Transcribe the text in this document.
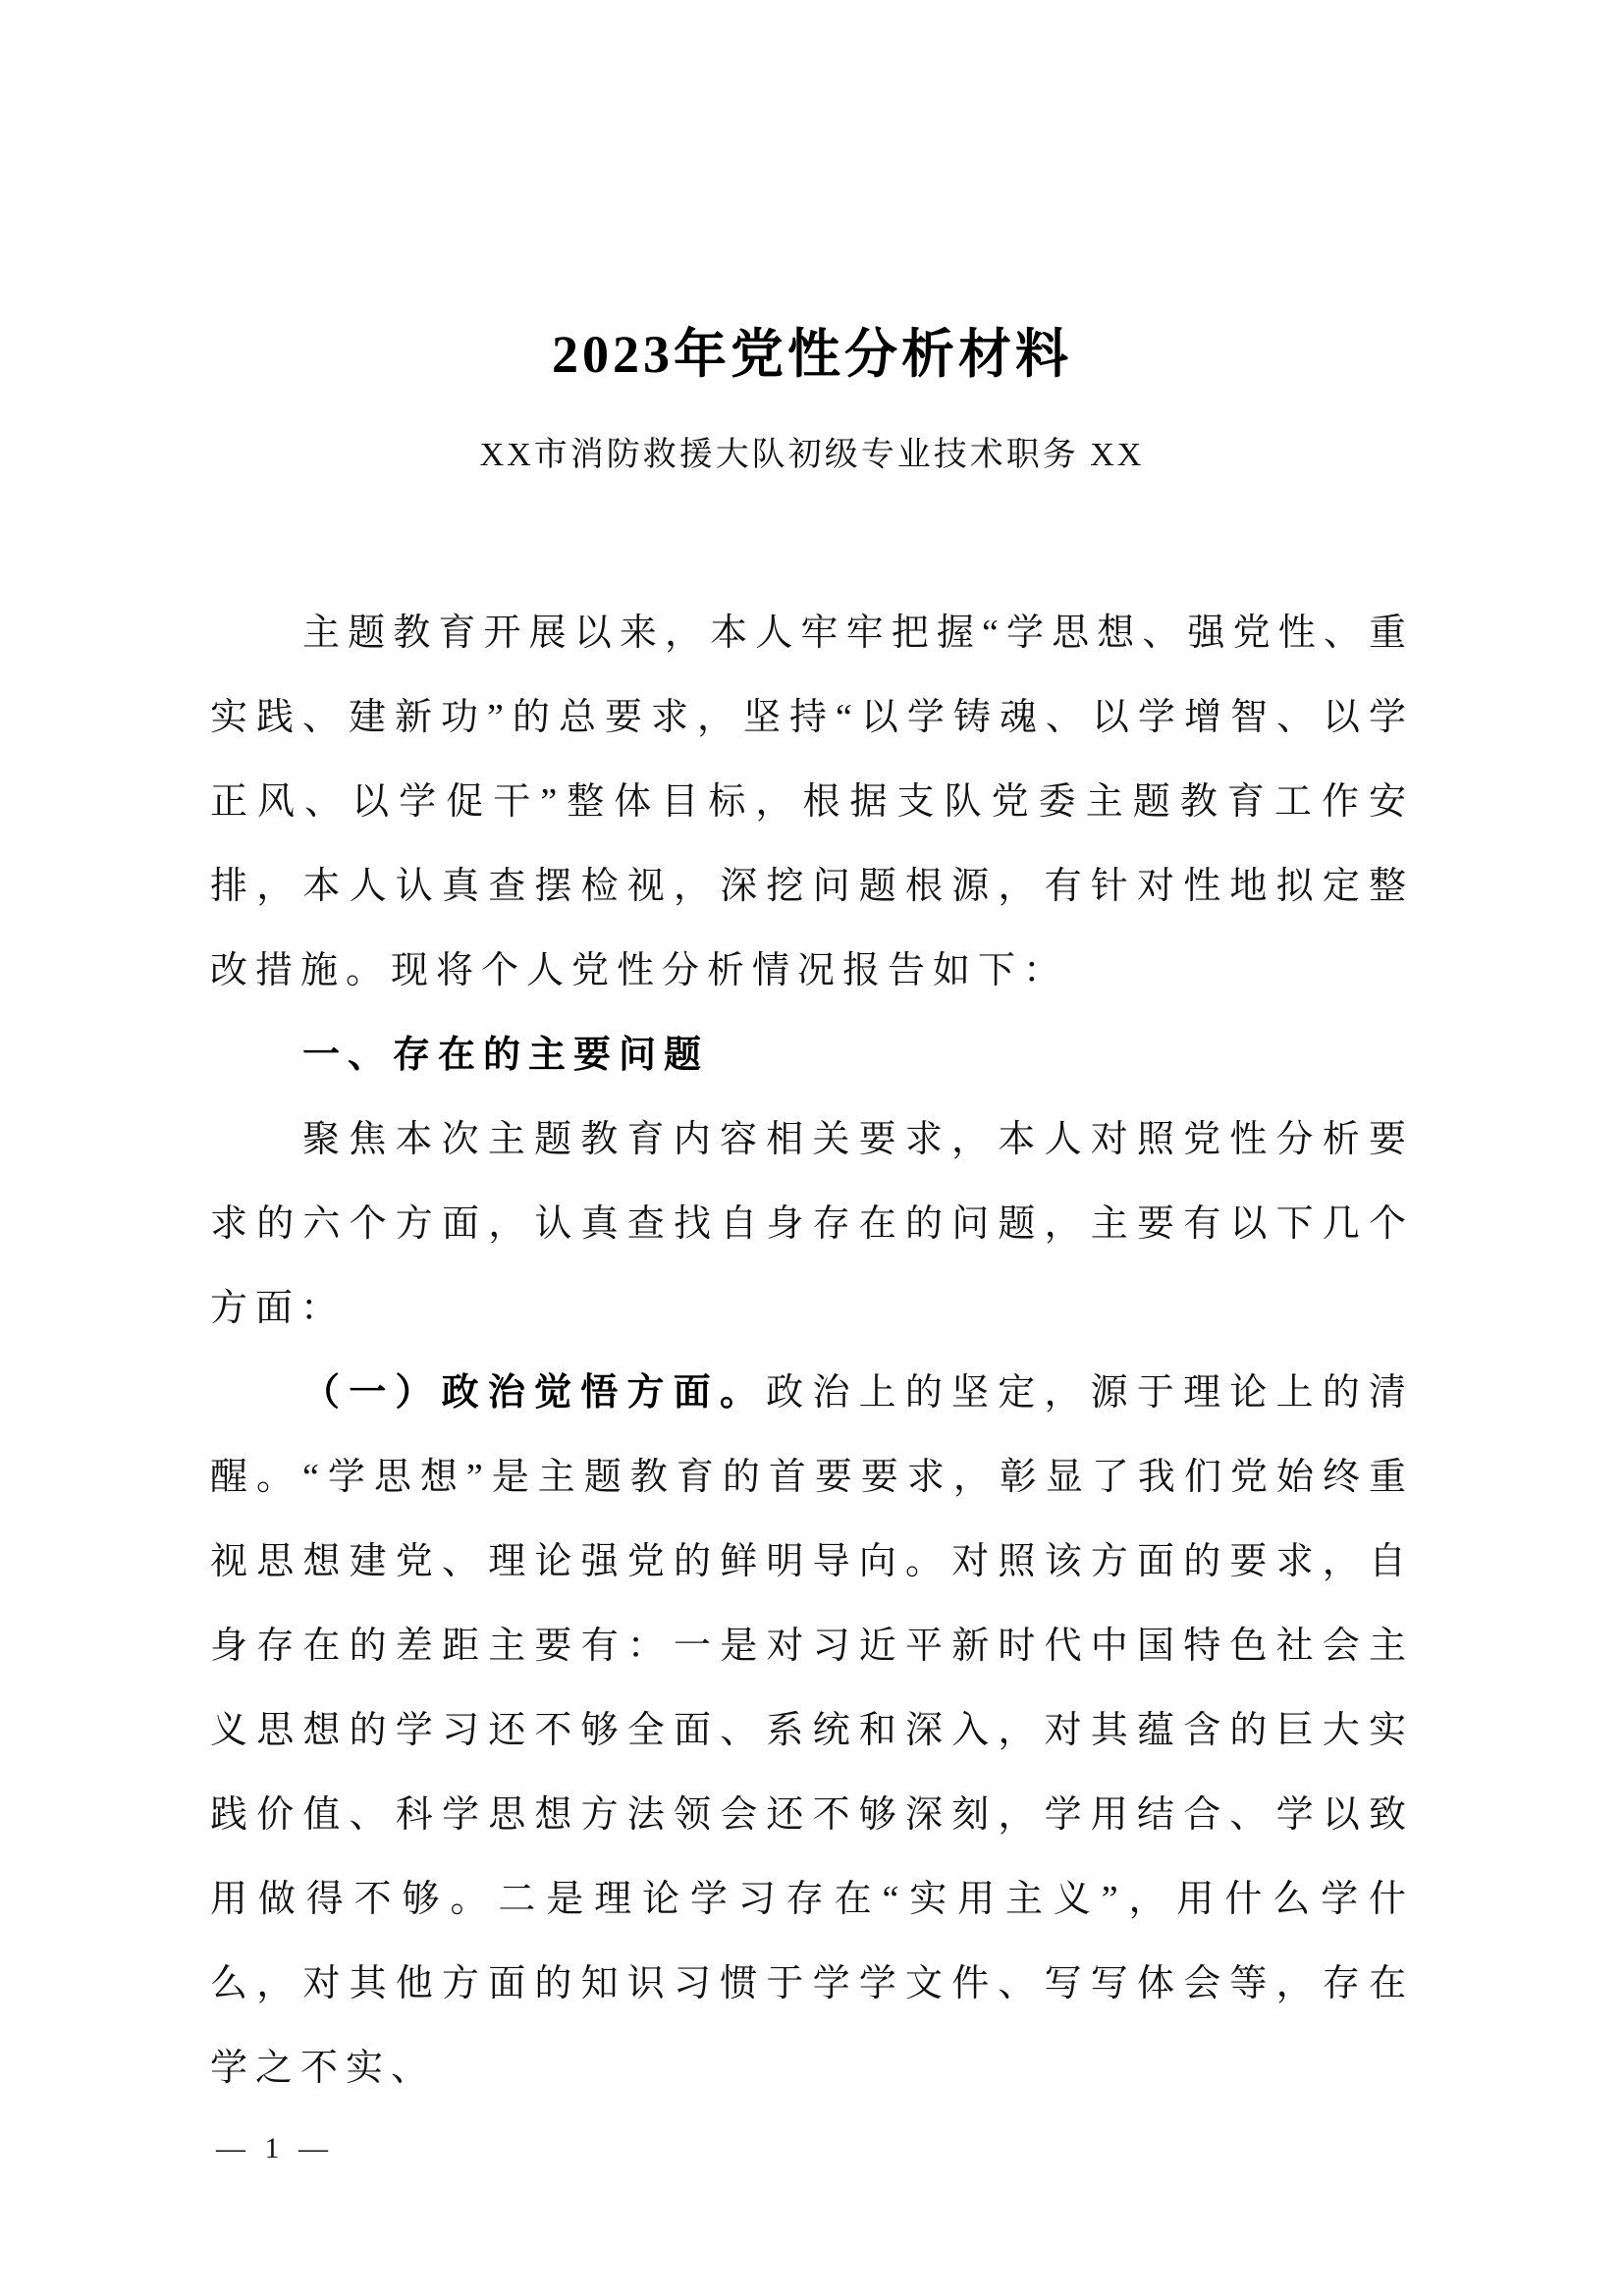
2023年党性分析材料
XX市消防救援大队初级专业技术职务 XX

主题教育开展以来，本人牢牢把握“学思想、强党性、重实践、建新功”的总要求，坚持“以学铸魂、以学增智、以学正风、以学促干”整体目标，根据支队党委主题教育工作安排，本人认真查摆检视，深挖问题根源，有针对性地拟定整改措施。现将个人党性分析情况报告如下：

一、存在的主要问题

聚焦本次主题教育内容相关要求，本人对照党性分析要求的六个方面，认真查找自身存在的问题，主要有以下几个方面：

（一）政治觉悟方面。政治上的坚定，源于理论上的清醒。“学思想”是主题教育的首要要求，彰显了我们党始终重视思想建党、理论强党的鲜明导向。对照该方面的要求，自身存在的差距主要有：一是对习近平新时代中国特色社会主义思想的学习还不够全面、系统和深入，对其蕴含的巨大实践价值、科学思想方法领会还不够深刻，学用结合、学以致用做得不够。二是理论学习存在“实用主义”，用什么学什么，对其他方面的知识习惯于学学文件、写写体会等，存在学之不实、

— 1 —
